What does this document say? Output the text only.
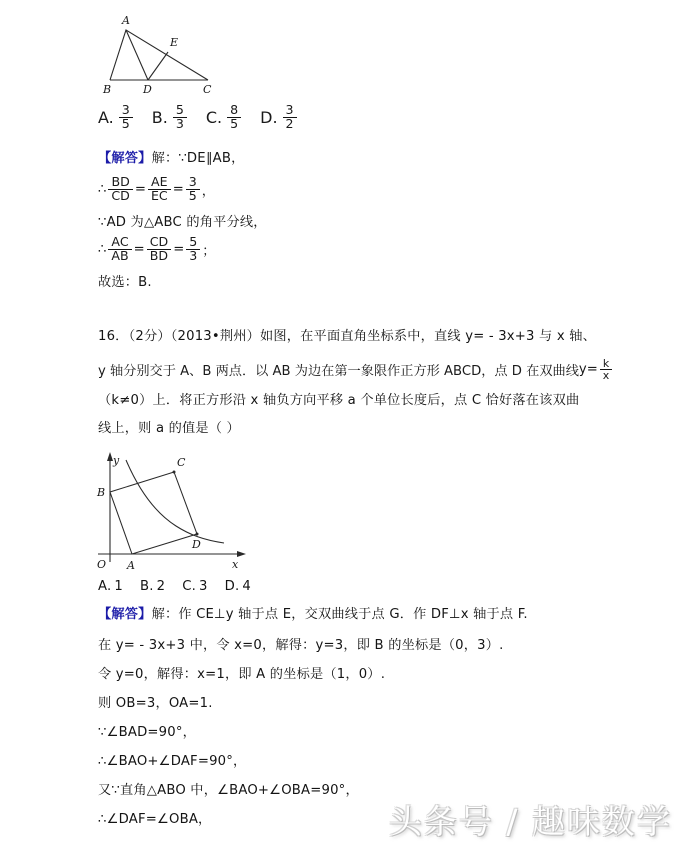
A
B	D	C
E
A. $\frac{3}{5} B$. $\frac{5}{3} C$. $\frac{8}{5} D$. $\frac{3}{2}$
【解答】解：∵DE∥AB，
∴ $\frac{BD}{CD} = \frac{AE}{EC} = \frac{3}{5}$ ，
∵AD 为△ABC 的角平分线，
∴ $\frac{AC}{AB} = \frac{CD}{BD} = \frac{5}{3}$ ；
故选：B.
16．（2分）（2013•荆州）如图，在平面直角坐标系中，直线 y= - 3x+3 与 x 轴、
y 轴分别交于 A、B 两点．以 AB 为边在第一象限作正方形 ABCD，点 D 在双曲线 $y= \frac{k}{x}$
（k≠0）上．将正方形沿 x 轴负方向平移 a 个单位长度后，点 C 恰好落在该双曲
线上，则 a 的值是（ ）
y
x
O A
B
C
D
A. 1 B. 2 C. 3 D. 4
【解答】解：作 CE⊥y 轴于点 E，交双曲线于点 G．作 DF⊥x 轴于点 F.
在 y= - 3x+3 中，令 x=0，解得：y=3，即 B 的坐标是（0，3）.
令 y=0，解得：x=1，即 A 的坐标是（1，0）.
则 OB=3，OA=1.
∵∠BAD=90°，
∴∠BAO+∠DAF=90°，
又∵直角△ABO 中，∠BAO+∠OBA=90°，
∴∠DAF=∠OBA，	头条号 / 趣味数学
